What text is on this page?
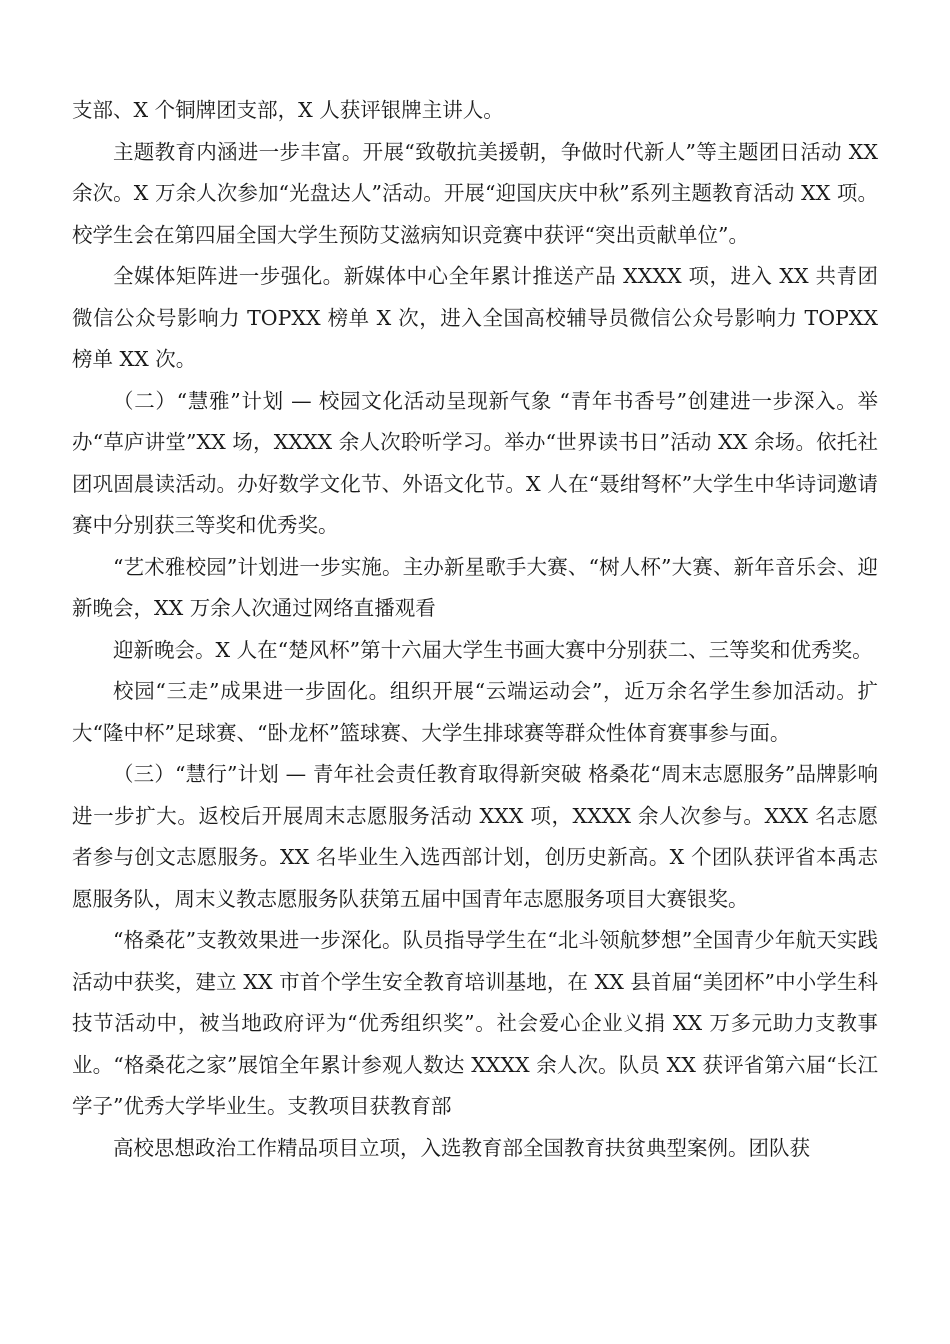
支部、X 个铜牌团支部，X 人获评银牌主讲人。

主题教育内涵进一步丰富。开展“致敬抗美援朝，争做时代新人”等主题团日活动 XX 余次。X 万余人次参加“光盘达人”活动。开展“迎国庆庆中秋”系列主题教育活动 XX 项。校学生会在第四届全国大学生预防艾滋病知识竞赛中获评“突出贡献单位”。

全媒体矩阵进一步强化。新媒体中心全年累计推送产品 XXXX 项，进入 XX 共青团微信公众号影响力 TOPXX 榜单 X 次，进入全国高校辅导员微信公众号影响力 TOPXX 榜单 XX 次。

（二）“慧雅”计划 — 校园文化活动呈现新气象 “青年书香号”创建进一步深入。举办“草庐讲堂”XX 场，XXXX 余人次聆听学习。举办“世界读书日”活动 XX 余场。依托社团巩固晨读活动。办好数学文化节、外语文化节。X 人在“聂绀弩杯”大学生中华诗词邀请赛中分别获三等奖和优秀奖。

“艺术雅校园”计划进一步实施。主办新星歌手大赛、“树人杯”大赛、新年音乐会、迎新晚会，XX 万余人次通过网络直播观看

迎新晚会。X 人在“楚风杯”第十六届大学生书画大赛中分别获二、三等奖和优秀奖。

校园“三走”成果进一步固化。组织开展“云端运动会”，近万余名学生参加活动。扩大“隆中杯”足球赛、“卧龙杯”篮球赛、大学生排球赛等群众性体育赛事参与面。

（三）“慧行”计划 — 青年社会责任教育取得新突破 格桑花“周末志愿服务”品牌影响进一步扩大。返校后开展周末志愿服务活动 XXX 项，XXXX 余人次参与。XXX 名志愿者参与创文志愿服务。XX 名毕业生入选西部计划，创历史新高。X 个团队获评省本禹志愿服务队，周末义教志愿服务队获第五届中国青年志愿服务项目大赛银奖。

“格桑花”支教效果进一步深化。队员指导学生在“北斗领航梦想”全国青少年航天实践活动中获奖，建立 XX 市首个学生安全教育培训基地，在 XX 县首届“美团杯”中小学生科技节活动中，被当地政府评为“优秀组织奖”。社会爱心企业义捐 XX 万多元助力支教事业。“格桑花之家”展馆全年累计参观人数达 XXXX 余人次。队员 XX 获评省第六届“长江学子”优秀大学毕业生。支教项目获教育部

高校思想政治工作精品项目立项，入选教育部全国教育扶贫典型案例。团队获
